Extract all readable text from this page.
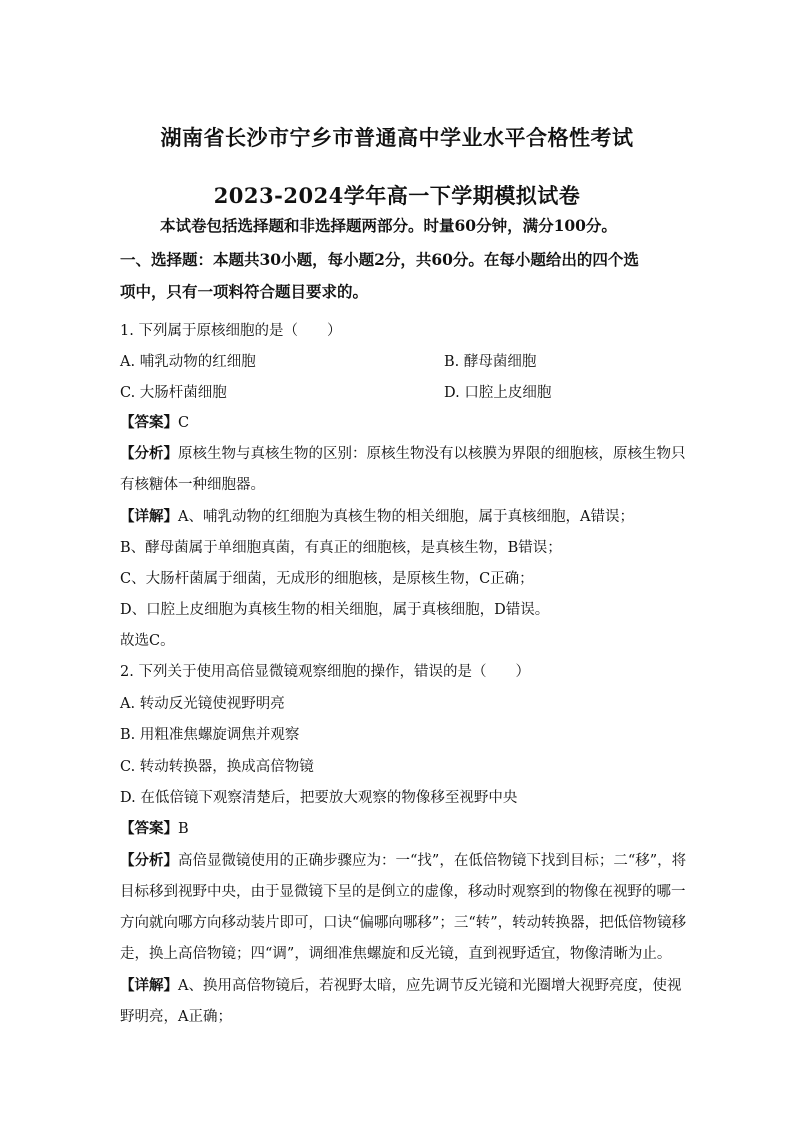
湖南省长沙市宁乡市普通高中学业水平合格性考试
2023-2024学年高一下学期模拟试卷
本试卷包括选择题和非选择题两部分。时量60分钟，满分100分。
一、选择题：本题共30小题，每小题2分，共60分。在每小题给出的四个选
项中，只有一项料符合题目要求的。
1. 下列属于原核细胞的是（　　）
A. 哺乳动物的红细胞	B. 酵母菌细胞
C. 大肠杆菌细胞	D. 口腔上皮细胞
【答案】C
【分析】原核生物与真核生物的区别：原核生物没有以核膜为界限的细胞核，原核生物只
有核糖体一种细胞器。
【详解】A、哺乳动物的红细胞为真核生物的相关细胞，属于真核细胞，A错误；
B、酵母菌属于单细胞真菌，有真正的细胞核，是真核生物，B错误；
C、大肠杆菌属于细菌，无成形的细胞核，是原核生物，C正确；
D、口腔上皮细胞为真核生物的相关细胞，属于真核细胞，D错误。
故选C。
2. 下列关于使用高倍显微镜观察细胞的操作，错误的是（　　）
A. 转动反光镜使视野明亮
B. 用粗准焦螺旋调焦并观察
C. 转动转换器，换成高倍物镜
D. 在低倍镜下观察清楚后，把要放大观察的物像移至视野中央
【答案】B
【分析】高倍显微镜使用的正确步骤应为：一“找”，在低倍物镜下找到目标；二“移”，将
目标移到视野中央，由于显微镜下呈的是倒立的虚像，移动时观察到的物像在视野的哪一
方向就向哪方向移动装片即可，口诀“偏哪向哪移”；三“转”，转动转换器，把低倍物镜移
走，换上高倍物镜；四“调”，调细准焦螺旋和反光镜，直到视野适宜，物像清晰为止。
【详解】A、换用高倍物镜后，若视野太暗，应先调节反光镜和光圈增大视野亮度，使视
野明亮，A正确；
